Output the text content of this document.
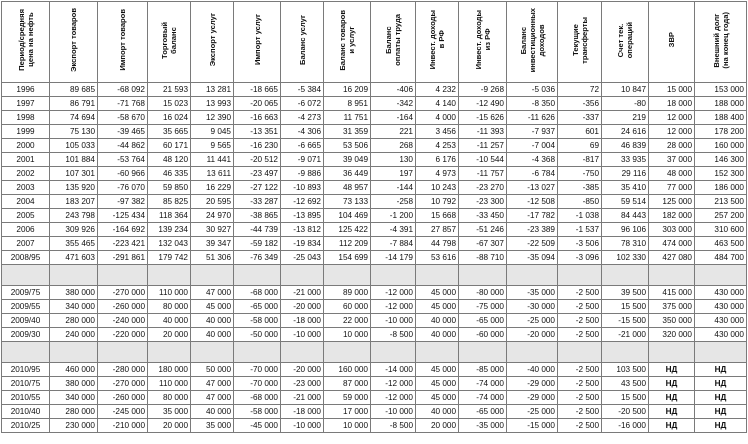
Период/средняя
цена на нефть	Экспорт товаров	Импорт товаров	Торговый
баланс	Экспорт услуг	Импорт услуг	Баланс услуг	Баланс товаров
и услуг	Баланс
оплаты труда	Инвест. доходы
в РФ	Инвест. доходы
из РФ	Баланс
инвестиционных
доходов	Текущие
трансферты	Счет тек.
операций	ЗВР	Внешний долг
(на конец года)
1996	89 685	-68 092	21 593	13 281	-18 665	-5 384	16 209	-406	4 232	-9 268	-5 036	72	10 847	15 000	153 000
1997	86 791	-71 768	15 023	13 993	-20 065	-6 072	8 951	-342	4 140	-12 490	-8 350	-356	-80	18 000	188 000
1998	74 694	-58 670	16 024	12 390	-16 663	-4 273	11 751	-164	4 000	-15 626	-11 626	-337	219	12 000	188 400
1999	75 130	-39 465	35 665	9 045	-13 351	-4 306	31 359	221	3 456	-11 393	-7 937	601	24 616	12 000	178 200
2000	105 033	-44 862	60 171	9 565	-16 230	-6 665	53 506	268	4 253	-11 257	-7 004	69	46 839	28 000	160 000
2001	101 884	-53 764	48 120	11 441	-20 512	-9 071	39 049	130	6 176	-10 544	-4 368	-817	33 935	37 000	146 300
2002	107 301	-60 966	46 335	13 611	-23 497	-9 886	36 449	197	4 973	-11 757	-6 784	-750	29 116	48 000	152 300
2003	135 920	-76 070	59 850	16 229	-27 122	-10 893	48 957	-144	10 243	-23 270	-13 027	-385	35 410	77 000	186 000
2004	183 207	-97 382	85 825	20 595	-33 287	-12 692	73 133	-258	10 792	-23 300	-12 508	-850	59 514	125 000	213 500
2005	243 798	-125 434	118 364	24 970	-38 865	-13 895	104 469	-1 200	15 668	-33 450	-17 782	-1 038	84 443	182 000	257 200
2006	309 926	-164 692	139 234	30 927	-44 739	-13 812	125 422	-4 391	27 857	-51 246	-23 389	-1 537	96 106	303 000	310 600
2007	355 465	-223 421	132 043	39 347	-59 182	-19 834	112 209	-7 884	44 798	-67 307	-22 509	-3 506	78 310	474 000	463 500
2008/95	471 603	-291 861	179 742	51 306	-76 349	-25 043	154 699	-14 179	53 616	-88 710	-35 094	-3 096	102 330	427 080	484 700

2009/75	380 000	-270 000	110 000	47 000	-68 000	-21 000	89 000	-12 000	45 000	-80 000	-35 000	-2 500	39 500	415 000	430 000
2009/55	340 000	-260 000	80 000	45 000	-65 000	-20 000	60 000	-12 000	45 000	-75 000	-30 000	-2 500	15 500	375 000	430 000
2009/40	280 000	-240 000	40 000	40 000	-58 000	-18 000	22 000	-10 000	40 000	-65 000	-25 000	-2 500	-15 500	350 000	430 000
2009/30	240 000	-220 000	20 000	40 000	-50 000	-10 000	10 000	-8 500	40 000	-60 000	-20 000	-2 500	-21 000	320 000	430 000

2010/95	460 000	-280 000	180 000	50 000	-70 000	-20 000	160 000	-14 000	45 000	-85 000	-40 000	-2 500	103 500	НД	НД
2010/75	380 000	-270 000	110 000	47 000	-70 000	-23 000	87 000	-12 000	45 000	-74 000	-29 000	-2 500	43 500	НД	НД
2010/55	340 000	-260 000	80 000	47 000	-68 000	-21 000	59 000	-12 000	45 000	-74 000	-29 000	-2 500	15 500	НД	НД
2010/40	280 000	-245 000	35 000	40 000	-58 000	-18 000	17 000	-10 000	40 000	-65 000	-25 000	-2 500	-20 500	НД	НД
2010/25	230 000	-210 000	20 000	35 000	-45 000	-10 000	10 000	-8 500	20 000	-35 000	-15 000	-2 500	-16 000	НД	НД
